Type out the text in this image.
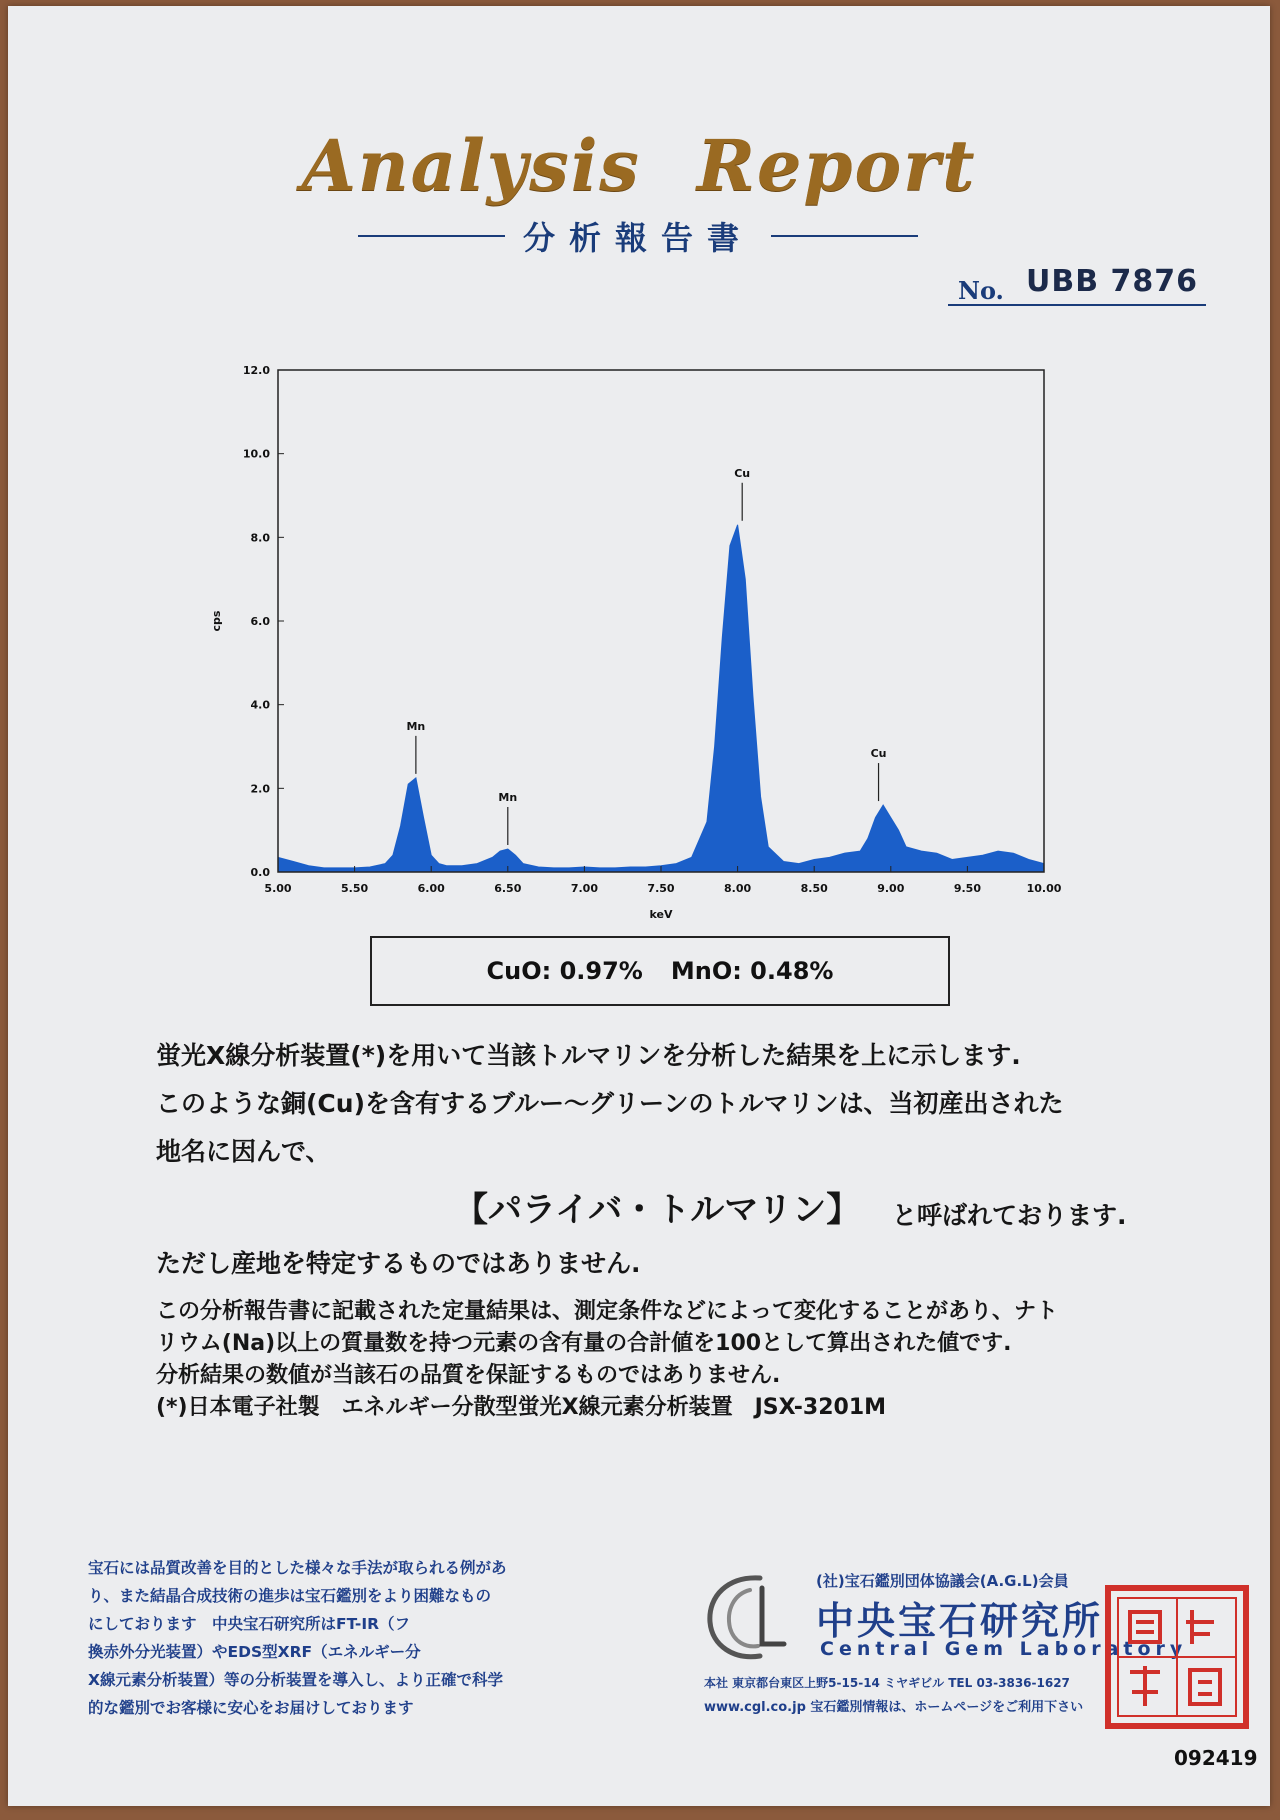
Analysis Report
分析報告書
No. UBB 7876
5.00	5.50	6.00	6.50	7.00	7.50	8.00	8.50	9.00	9.50	10.00
0.0
2.0
4.0
6.0
8.0
10.0
12.0
keV
cps
Mn
Mn
Cu
Cu
CuO: 0.97% MnO: 0.48%
蛍光X線分析装置(*)を用いて当該トルマリンを分析した結果を上に示します.
このような銅(Cu)を含有するブルー～グリーンのトルマリンは、当初産出された
地名に因んで、
【パライバ・トルマリン】 と呼ばれております.
ただし産地を特定するものではありません.
この分析報告書に記載された定量結果は、測定条件などによって変化することがあり、ナト
リウム(Na)以上の質量数を持つ元素の含有量の合計値を100として算出された値です.
分析結果の数値が当該石の品質を保証するものではありません.
(*)日本電子社製　エネルギー分散型蛍光X線元素分析装置　JSX-3201M
宝石には品質改善を目的とした様々な手法が取られる例があ
り、また結晶合成技術の進歩は宝石鑑別をより困難なもの
にしております　中央宝石研究所はFT-IR（フ
換赤外分光装置）やEDS型XRF（エネルギー分
X線元素分析装置）等の分析装置を導入し、より正確で科学
的な鑑別でお客様に安心をお届けしております
(社)宝石鑑別団体協議会(A.G.L)会員
中央宝石研究所
Central Gem Laboratory
本社 東京都台東区上野5-15-14 ミヤギビル TEL 03-3836-1627
www.cgl.co.jp 宝石鑑別情報は、ホームページをご利用下さい
092419
